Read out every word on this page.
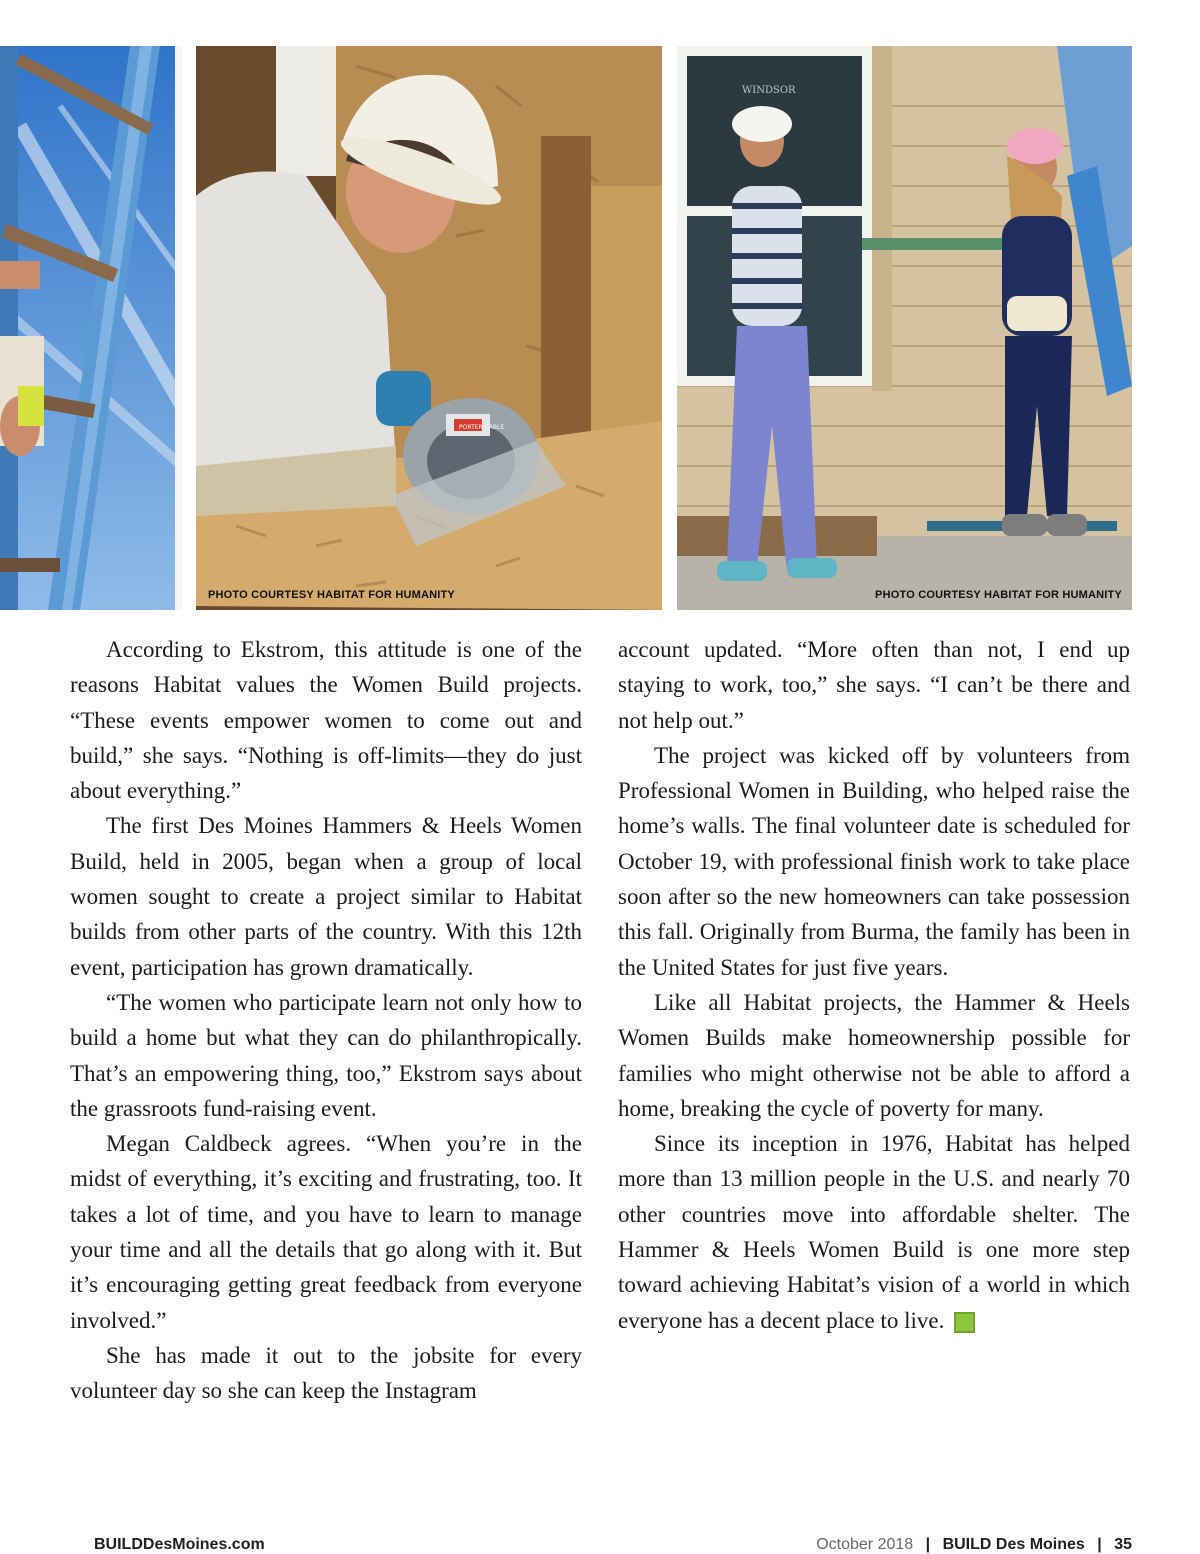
PORTER CABLE
PHOTO COURTESY HABITAT FOR HUMANITY
WINDSOR
PHOTO COURTESY HABITAT FOR HUMANITY

According to Ekstrom, this attitude is one of the reasons Habitat values the Women Build projects. “These events empower women to come out and build,” she says. “Nothing is off-limits—they do just about everything.”

The first Des Moines Hammers & Heels Women Build, held in 2005, began when a group of local women sought to create a project similar to Habitat builds from other parts of the country. With this 12th event, participation has grown dramatically.

“The women who participate learn not only how to build a home but what they can do philanthropically. That’s an empowering thing, too,” Ekstrom says about the grassroots fund-raising event.

Megan Caldbeck agrees. “When you’re in the midst of everything, it’s exciting and frustrating, too. It takes a lot of time, and you have to learn to manage your time and all the details that go along with it. But it’s encouraging getting great feedback from everyone involved.”

She has made it out to the jobsite for every volunteer day so she can keep the Instagram

account updated. “More often than not, I end up staying to work, too,” she says. “I can’t be there and not help out.”

The project was kicked off by volunteers from Professional Women in Building, who helped raise the home’s walls. The final volunteer date is scheduled for October 19, with professional finish work to take place soon after so the new homeowners can take possession this fall. Originally from Burma, the family has been in the United States for just five years.

Like all Habitat projects, the Hammer & Heels Women Builds make homeownership possible for families who might otherwise not be able to afford a home, breaking the cycle of poverty for many.

Since its inception in 1976, Habitat has helped more than 13 million people in the U.S. and nearly 70 other countries move into affordable shelter. The Hammer & Heels Women Build is one more step toward achieving Habitat’s vision of a world in which everyone has a decent place to live.	B

BUILDDesMoines.com	October 2018 | BUILD Des Moines | 35
